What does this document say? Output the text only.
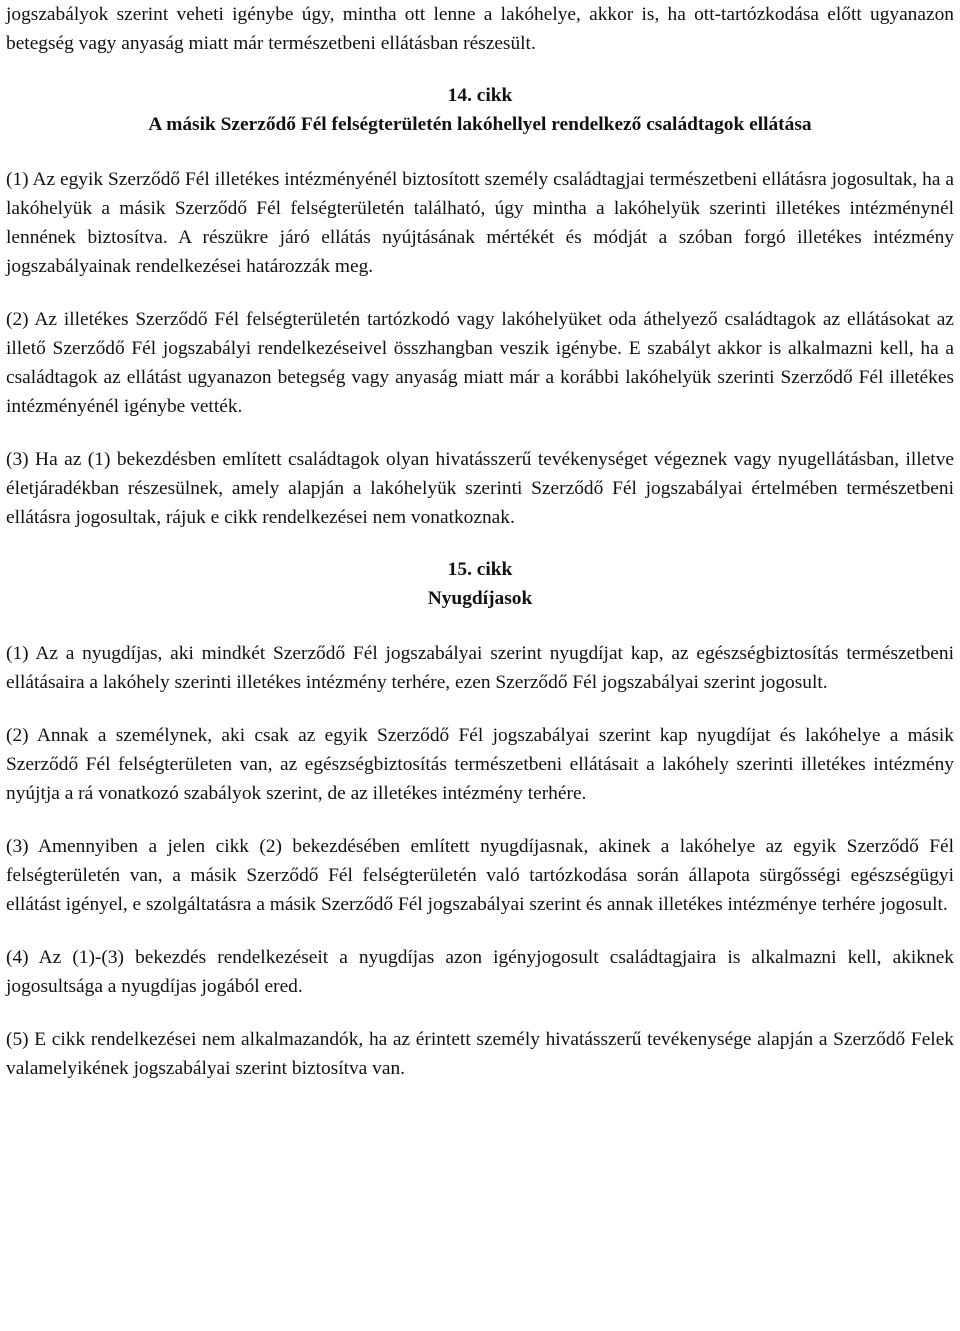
jogszabályok szerint veheti igénybe úgy, mintha ott lenne a lakóhelye, akkor is, ha ott-tartózkodása előtt ugyanazon betegség vagy anyaság miatt már természetbeni ellátásban részesült.

14. cikk
A másik Szerződő Fél felségterületén lakóhellyel rendelkező családtagok ellátása

(1) Az egyik Szerződő Fél illetékes intézményénél biztosított személy családtagjai természetbeni ellátásra jogosultak, ha a lakóhelyük a másik Szerződő Fél felségterületén található, úgy mintha a lakóhelyük szerinti illetékes intézménynél lennének biztosítva. A részükre járó ellátás nyújtásának mértékét és módját a szóban forgó illetékes intézmény jogszabályainak rendelkezései határozzák meg.

(2) Az illetékes Szerződő Fél felségterületén tartózkodó vagy lakóhelyüket oda áthelyező családtagok az ellátásokat az illető Szerződő Fél jogszabályi rendelkezéseivel összhangban veszik igénybe. E szabályt akkor is alkalmazni kell, ha a családtagok az ellátást ugyanazon betegség vagy anyaság miatt már a korábbi lakóhelyük szerinti Szerződő Fél illetékes intézményénél igénybe vették.

(3) Ha az (1) bekezdésben említett családtagok olyan hivatásszerű tevékenységet végeznek vagy nyugellátásban, illetve életjáradékban részesülnek, amely alapján a lakóhelyük szerinti Szerződő Fél jogszabályai értelmében természetbeni ellátásra jogosultak, rájuk e cikk rendelkezései nem vonatkoznak.

15. cikk
Nyugdíjasok

(1) Az a nyugdíjas, aki mindkét Szerződő Fél jogszabályai szerint nyugdíjat kap, az egészségbiztosítás természetbeni ellátásaira a lakóhely szerinti illetékes intézmény terhére, ezen Szerződő Fél jogszabályai szerint jogosult.

(2) Annak a személynek, aki csak az egyik Szerződő Fél jogszabályai szerint kap nyugdíjat és lakóhelye a másik Szerződő Fél felségterületen van, az egészségbiztosítás természetbeni ellátásait a lakóhely szerinti illetékes intézmény nyújtja a rá vonatkozó szabályok szerint, de az illetékes intézmény terhére.

(3) Amennyiben a jelen cikk (2) bekezdésében említett nyugdíjasnak, akinek a lakóhelye az egyik Szerződő Fél felségterületén van, a másik Szerződő Fél felségterületén való tartózkodása során állapota sürgősségi egészségügyi ellátást igényel, e szolgáltatásra a másik Szerződő Fél jogszabályai szerint és annak illetékes intézménye terhére jogosult.

(4) Az (1)-(3) bekezdés rendelkezéseit a nyugdíjas azon igényjogosult családtagjaira is alkalmazni kell, akiknek jogosultsága a nyugdíjas jogából ered.

(5) E cikk rendelkezései nem alkalmazandók, ha az érintett személy hivatásszerű tevékenysége alapján a Szerződő Felek valamelyikének jogszabályai szerint biztosítva van.
